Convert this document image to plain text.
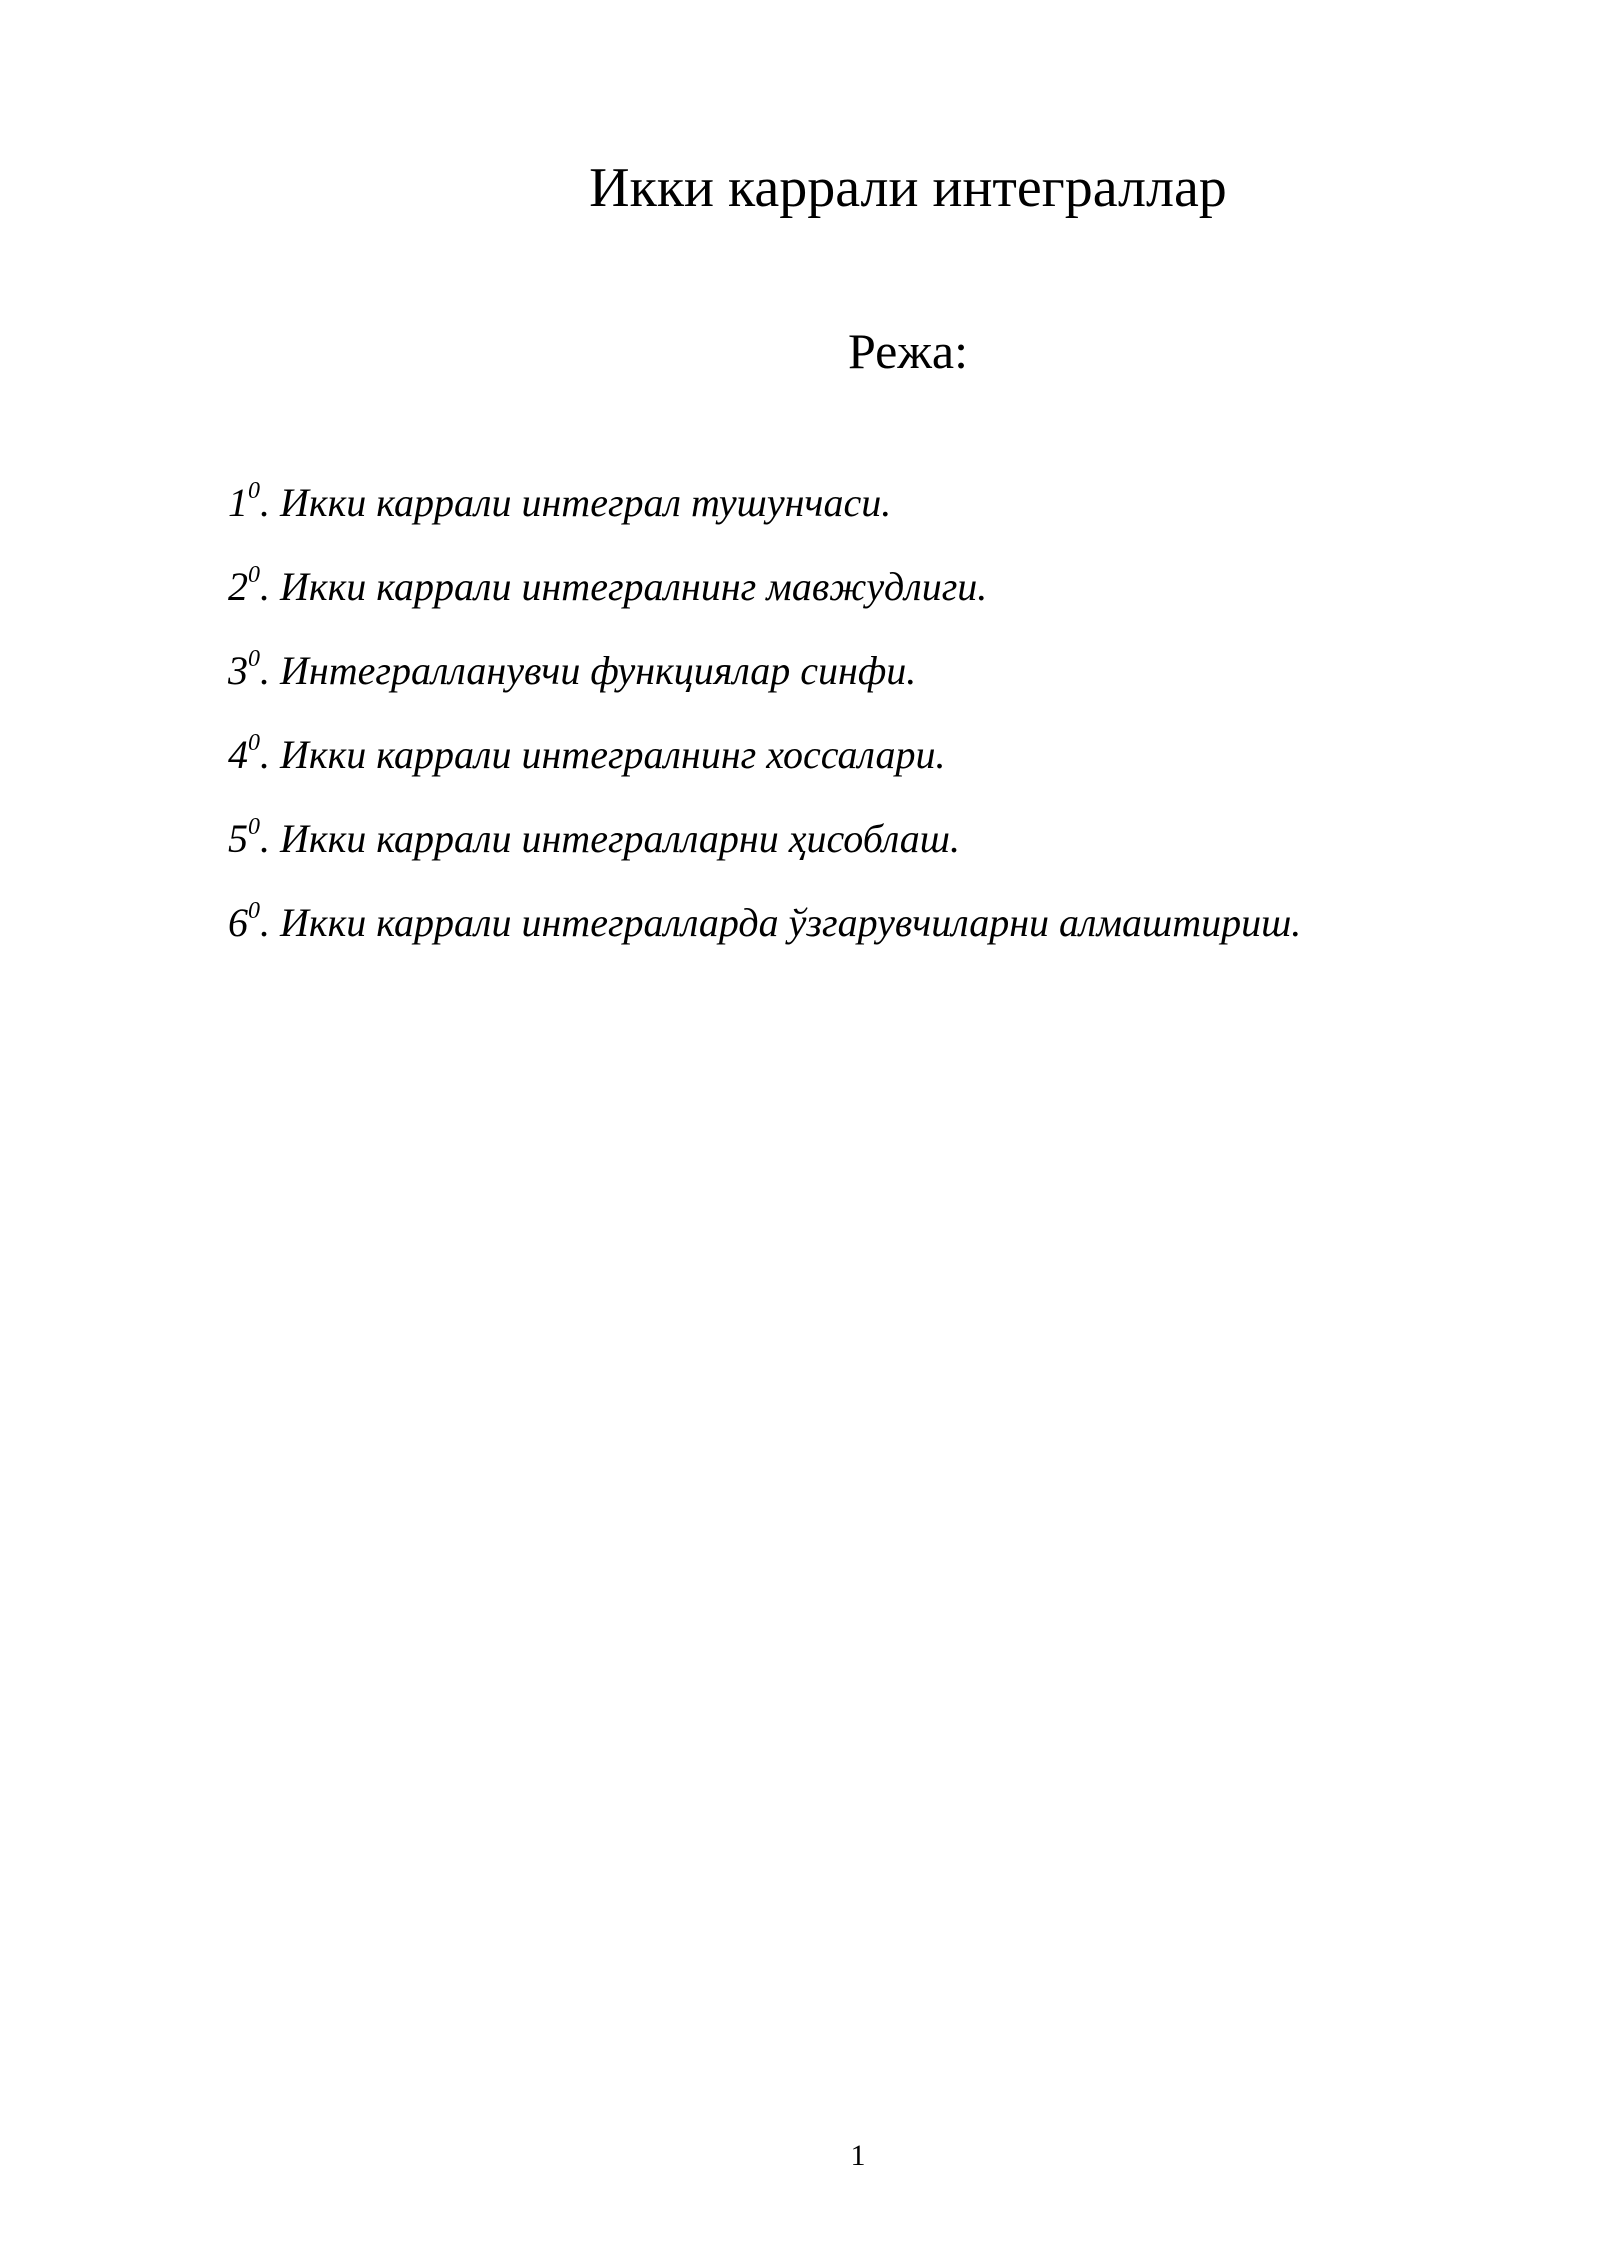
Икки каррали интеграллар
Режа:
$1^0$. Икки каррали интеграл тушунчаси.
$2^0$. Икки каррали интегралнинг мавжудлиги.
$3^0$. Интегралланувчи функциялар синфи.
$4^0$. Икки каррали интегралнинг хоссалари.
$5^0$. Икки каррали интегралларни ҳисоблаш.
$6^0$. Икки каррали интегралларда ўзгарувчиларни алмаштириш.
1
